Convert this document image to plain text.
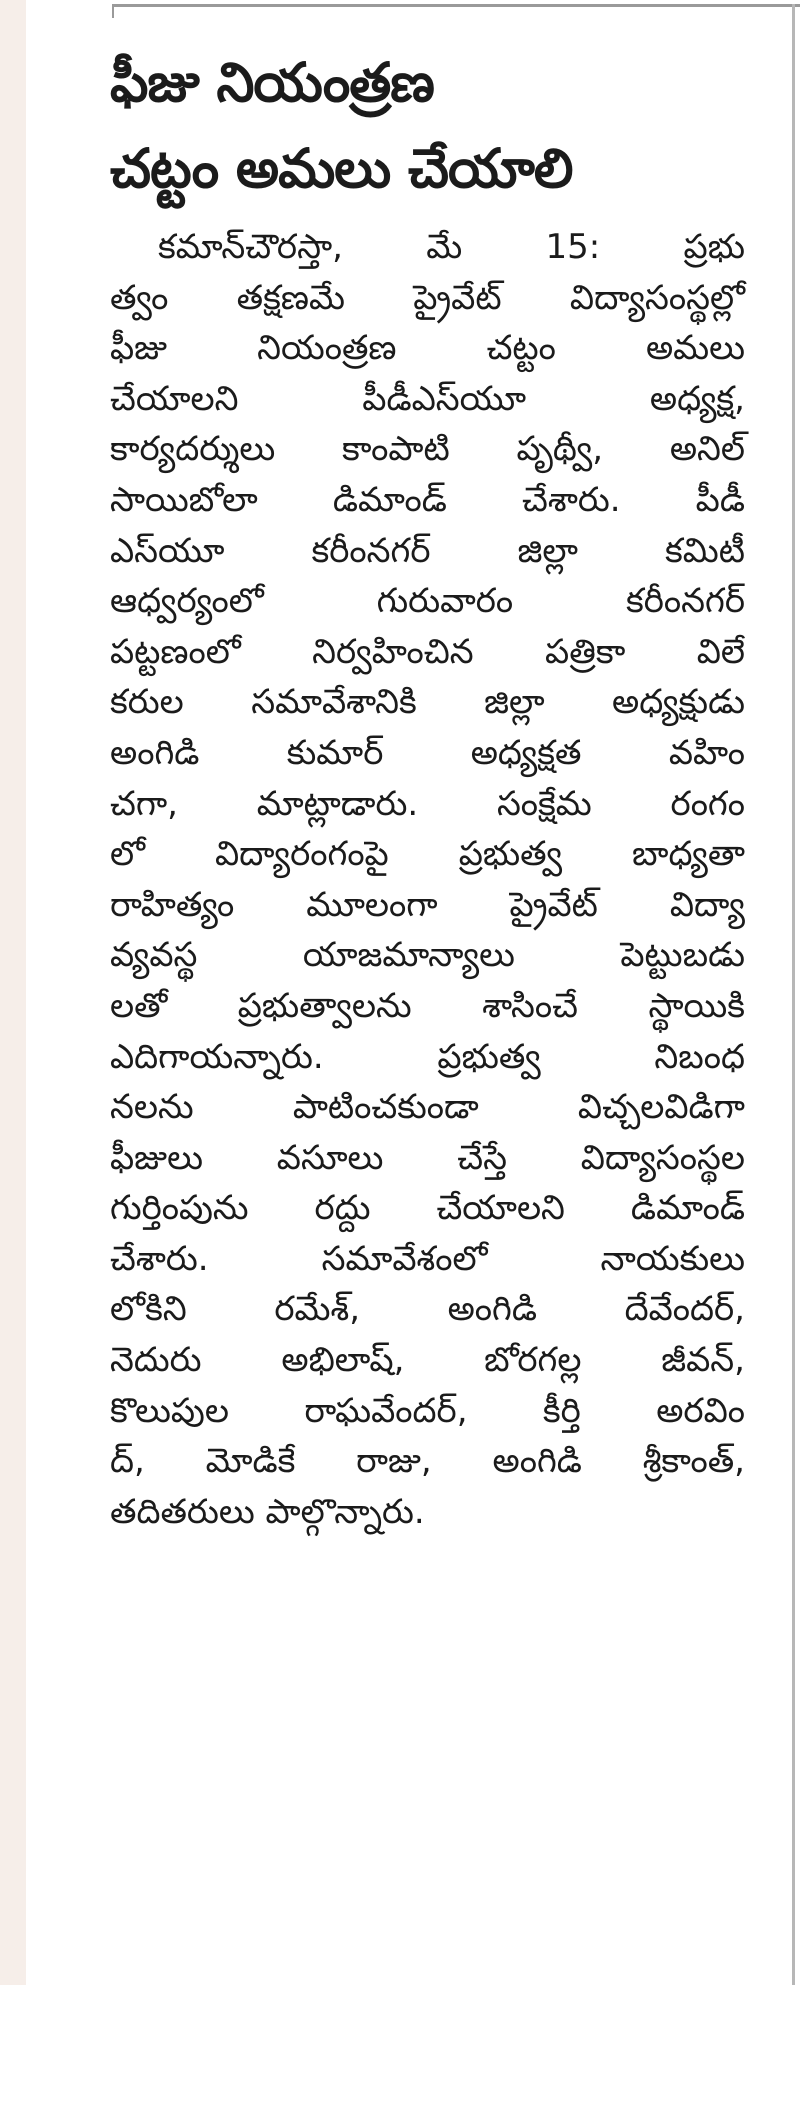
ఫీజు నియంత్రణ
చట్టం అమలు చేయాలి
కమాన్‌చౌరస్తా, మే 15: ప్రభు
త్వం తక్షణమే ప్రైవేట్ విద్యాసంస్థల్లో
ఫీజు నియంత్రణ చట్టం అమలు
చేయాలని పీడీఎస్‌యూ అధ్యక్ష,
కార్యదర్శులు కాంపాటి పృథ్వీ, అనిల్
సాయిబోలా డిమాండ్ చేశారు. పీడీ
ఎస్‌యూ కరీంనగర్ జిల్లా కమిటీ
ఆధ్వర్యంలో గురువారం కరీంనగర్
పట్టణంలో నిర్వహించిన పత్రికా విలే
కరుల సమావేశానికి జిల్లా అధ్యక్షుడు
అంగిడి కుమార్ అధ్యక్షత వహిం
చగా, మాట్లాడారు. సంక్షేమ రంగం
లో విద్యారంగంపై ప్రభుత్వ బాధ్యతా
రాహిత్యం మూలంగా ప్రైవేట్ విద్యా
వ్యవస్థ యాజమాన్యాలు పెట్టుబడు
లతో ప్రభుత్వాలను శాసించే స్థాయికి
ఎదిగాయన్నారు. ప్రభుత్వ నిబంధ
నలను పాటించకుండా విచ్చలవిడిగా
ఫీజులు వసూలు చేస్తే విద్యాసంస్థల
గుర్తింపును రద్దు చేయాలని డిమాండ్
చేశారు. సమావేశంలో నాయకులు
లోకిని రమేశ్, అంగిడి దేవేందర్,
నెదురు అభిలాష్, బోరగల్ల జీవన్,
కొలుపుల రాఘవేందర్, కీర్తి అరవిం
ద్, మోడికే రాజు, అంగిడి శ్రీకాంత్,
తదితరులు పాల్గొన్నారు.
